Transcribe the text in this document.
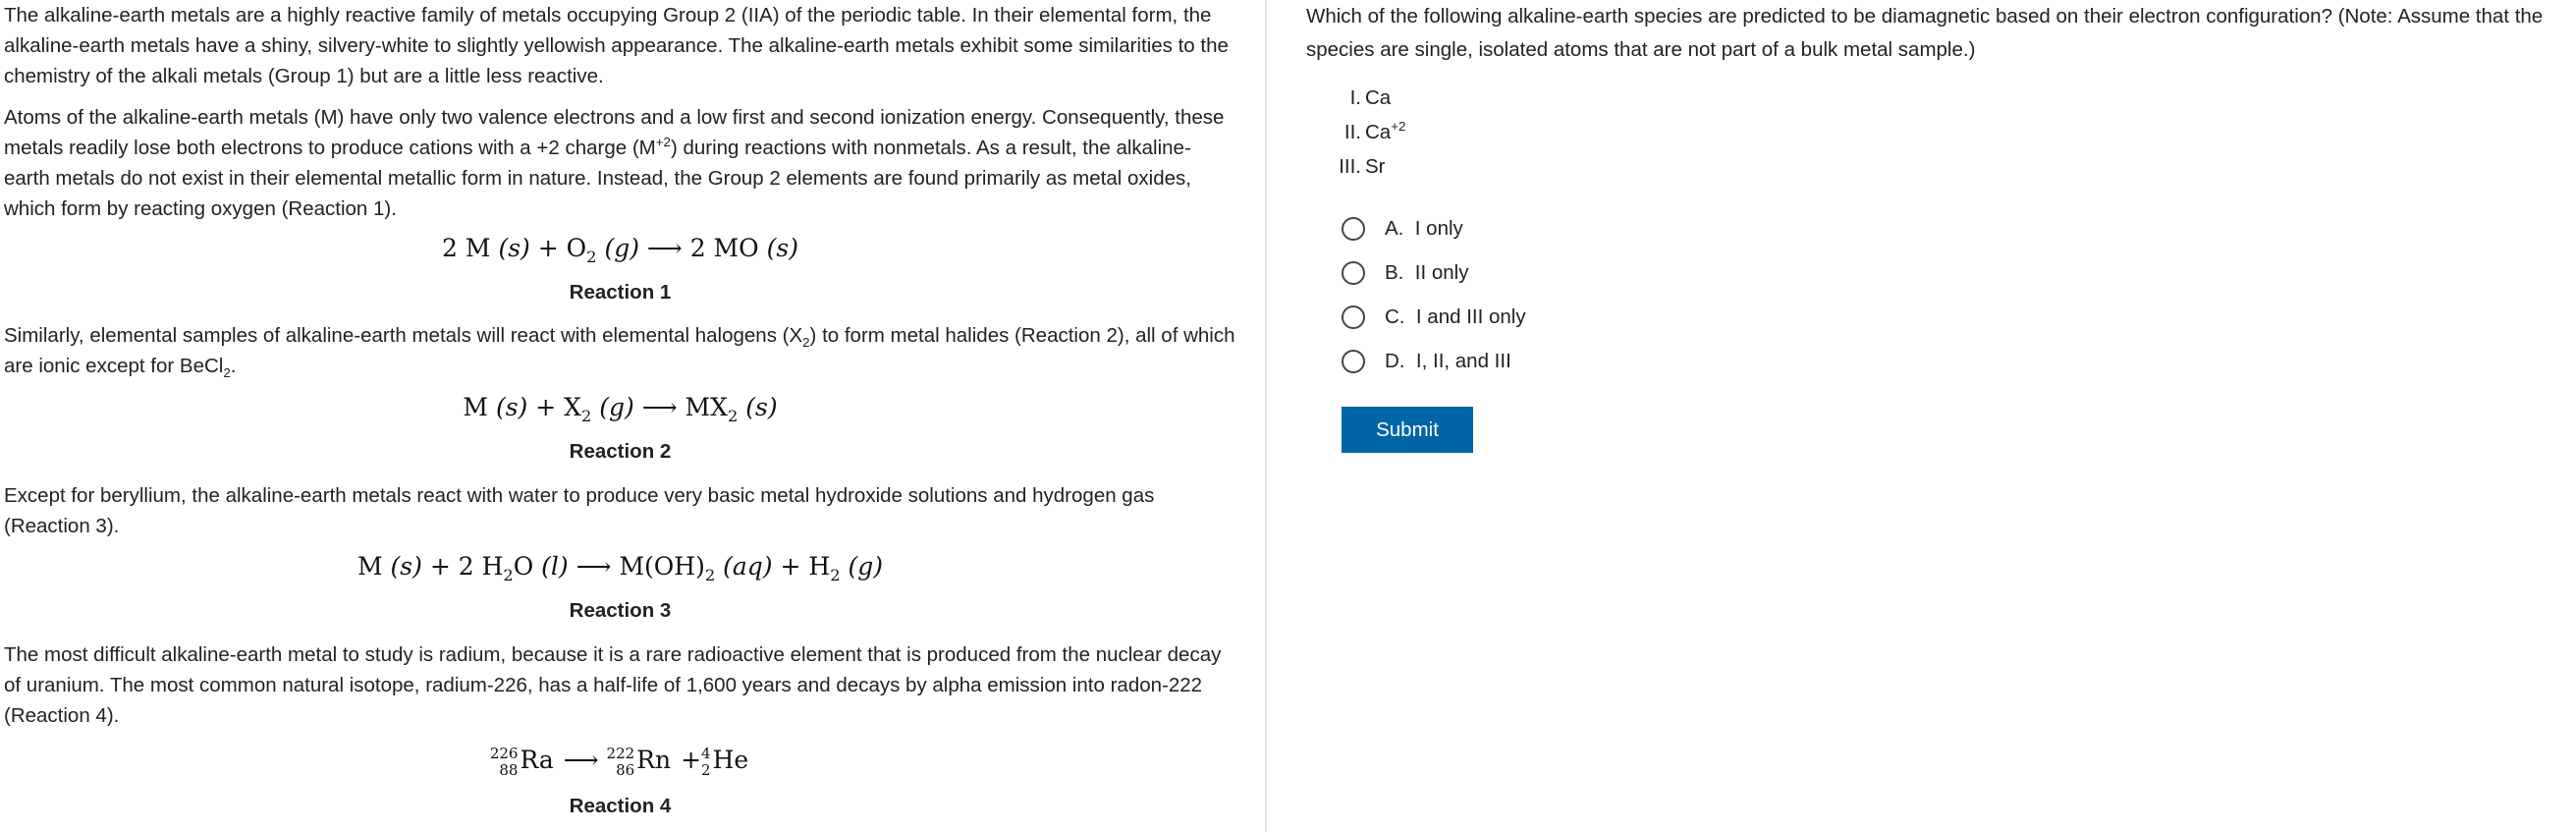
The alkaline-earth metals are a highly reactive family of metals occupying Group 2 (IIA) of the periodic table. In their elemental form, the alkaline-earth metals have a shiny, silvery-white to slightly yellowish appearance. The alkaline-earth metals exhibit some similarities to the chemistry of the alkali metals (Group 1) but are a little less reactive.

Atoms of the alkaline-earth metals (M) have only two valence electrons and a low first and second ionization energy. Consequently, these metals readily lose both electrons to produce cations with a +2 charge $(M^{+2})$ during reactions with nonmetals. As a result, the alkaline-earth metals do not exist in their elemental metallic form in nature. Instead, the Group 2 elements are found primarily as metal oxides, which form by reacting oxygen (Reaction 1).

2 M $(s) + O_2$ (g) ⟶ 2 MO (s)
Reaction 1

Similarly, elemental samples of alkaline-earth metals will react with elemental halogens $(X_2)$ to form metal halides (Reaction 2), all of which are ionic except for BeCl$_2$.

M $(s) + X_2$ (g) ⟶ $MX_2$ (s)
Reaction 2

Except for beryllium, the alkaline-earth metals react with water to produce very basic metal hydroxide solutions and hydrogen gas (Reaction 3).

M (s) + 2 $H_2O$ (l) ⟶ $M(OH)_2$ $(aq) + H_2$ (g)
Reaction 3

The most difficult alkaline-earth metal to study is radium, because it is a rare radioactive element that is produced from the nuclear decay of uranium. The most common natural isotope, radium-226, has a half-life of 1,600 years and decays by alpha emission into radon-222 (Reaction 4).

226
88 Ra ⟶ 222
86 Rn + 4
2 He
Reaction 4

Which of the following alkaline-earth species are predicted to be diamagnetic based on their electron configuration? (Note: Assume that the species are single, isolated atoms that are not part of a bulk metal sample.)

I. Ca
II. $Ca^{+2}$
III. Sr
A.
I only
B.
II only
C.
I and III only
D.
I, II, and III
Submit
